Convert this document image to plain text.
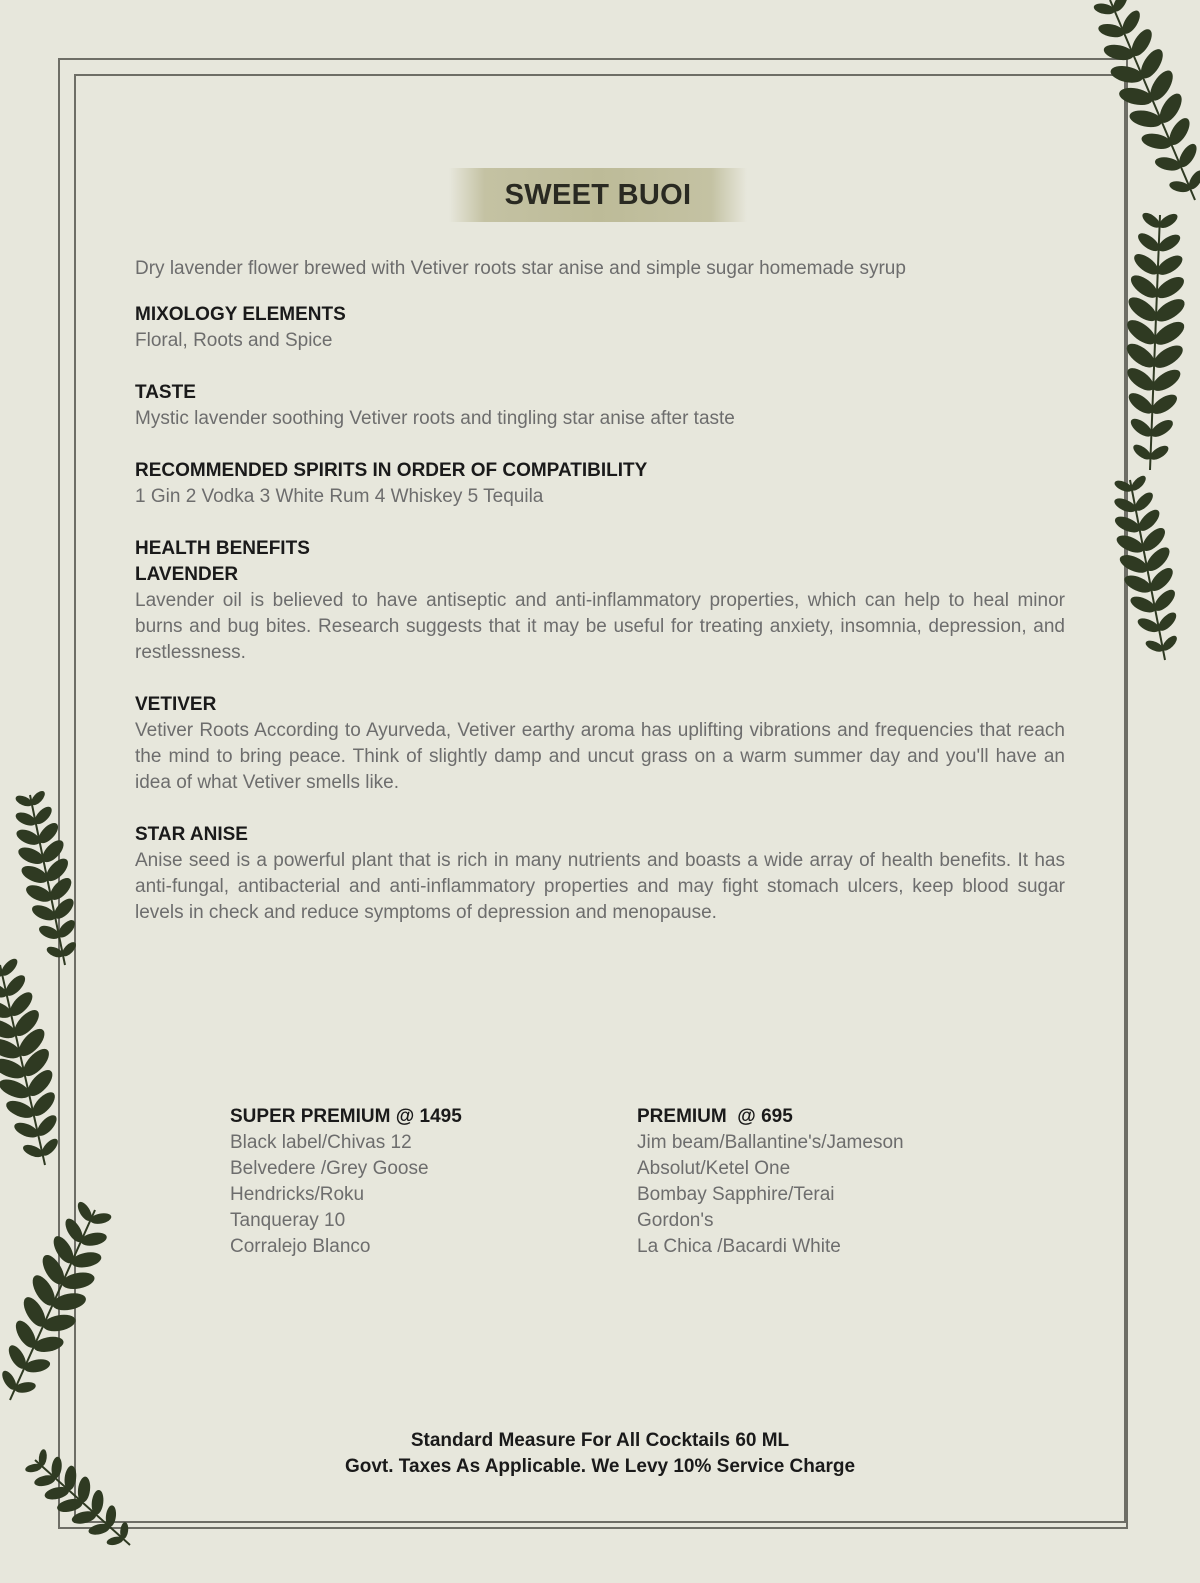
SWEET BUOI

Dry lavender flower brewed with Vetiver roots star anise and simple sugar homemade syrup

MIXOLOGY ELEMENTS

Floral, Roots and Spice

TASTE

Mystic lavender soothing Vetiver roots and tingling star anise after taste

RECOMMENDED SPIRITS IN ORDER OF COMPATIBILITY

1 Gin 2 Vodka 3 White Rum 4 Whiskey 5 Tequila

HEALTH BENEFITS

LAVENDER

Lavender oil is believed to have antiseptic and anti-inflammatory properties, which can help to heal minor burns and bug bites. Research suggests that it may be useful for treating anxiety, insomnia, depression, and restlessness.

VETIVER

Vetiver Roots According to Ayurveda, Vetiver earthy aroma has uplifting vibrations and frequencies that reach the mind to bring peace. Think of slightly damp and uncut grass on a warm summer day and you'll have an idea of what Vetiver smells like.

STAR ANISE

Anise seed is a powerful plant that is rich in many nutrients and boasts a wide array of health benefits. It has anti-fungal, antibacterial and anti-inflammatory properties and may fight stomach ulcers, keep blood sugar levels in check and reduce symptoms of depression and menopause.

SUPER PREMIUM @ 1495

Black label/Chivas 12

Belvedere /Grey Goose

Hendricks/Roku

Tanqueray 10

Corralejo Blanco

PREMIUM  @ 695

Jim beam/Ballantine's/Jameson

Absolut/Ketel One

Bombay Sapphire/Terai

Gordon's

La Chica /Bacardi White

Standard Measure For All Cocktails 60 ML
Govt. Taxes As Applicable. We Levy 10% Service Charge
